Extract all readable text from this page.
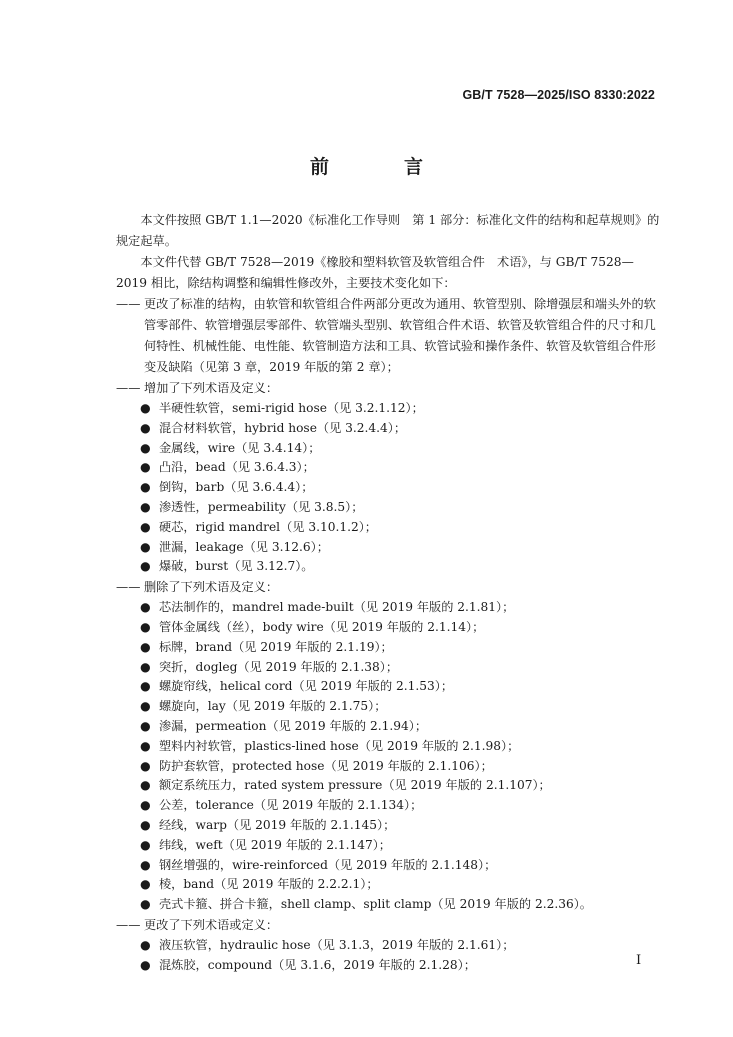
GB/T 7528—2025/ISO 8330:2022
前　言

本文件按照 GB/T 1.1—2020《标准化工作导则　第 1 部分：标准化文件的结构和起草规则》的规定起草。

本文件代替 GB/T 7528—2019《橡胶和塑料软管及软管组合件　术语》，与 GB/T 7528—2019 相比，除结构调整和编辑性修改外，主要技术变化如下：

—— 更改了标准的结构，由软管和软管组合件两部分更改为通用、软管型别、除增强层和端头外的软管零部件、软管增强层零部件、软管端头型别、软管组合件术语、软管及软管组合件的尺寸和几何特性、机械性能、电性能、软管制造方法和工具、软管试验和操作条件、软管及软管组合件形变及缺陷（见第 3 章，2019 年版的第 2 章）；
—— 增加了下列术语及定义：
● 半硬性软管，semi-rigid hose（见 3.2.1.12）；
● 混合材料软管，hybrid hose（见 3.2.4.4）；
● 金属线，wire（见 3.4.14）；
● 凸沿，bead（见 3.6.4.3）；
● 倒钩，barb（见 3.6.4.4）；
● 渗透性，permeability（见 3.8.5）；
● 硬芯，rigid mandrel（见 3.10.1.2）；
● 泄漏，leakage（见 3.12.6）；
● 爆破，burst（见 3.12.7）。
—— 删除了下列术语及定义：
● 芯法制作的，mandrel made-built（见 2019 年版的 2.1.81）；
● 管体金属线（丝），body wire（见 2019 年版的 2.1.14）；
● 标牌，brand（见 2019 年版的 2.1.19）；
● 突折，dogleg（见 2019 年版的 2.1.38）；
● 螺旋帘线，helical cord（见 2019 年版的 2.1.53）；
● 螺旋向，lay（见 2019 年版的 2.1.75）；
● 渗漏，permeation（见 2019 年版的 2.1.94）；
● 塑料内衬软管，plastics-lined hose（见 2019 年版的 2.1.98）；
● 防护套软管，protected hose（见 2019 年版的 2.1.106）；
● 额定系统压力，rated system pressure（见 2019 年版的 2.1.107）；
● 公差，tolerance（见 2019 年版的 2.1.134）；
● 经线，warp（见 2019 年版的 2.1.145）；
● 纬线，weft（见 2019 年版的 2.1.147）；
● 钢丝增强的，wire-reinforced（见 2019 年版的 2.1.148）；
● 棱，band（见 2019 年版的 2.2.2.1）；
● 壳式卡箍、拼合卡箍，shell clamp、split clamp（见 2019 年版的 2.2.36）。
—— 更改了下列术语或定义：
● 液压软管，hydraulic hose（见 3.1.3，2019 年版的 2.1.61）；
● 混炼胶，compound（见 3.1.6，2019 年版的 2.1.28）；	I
